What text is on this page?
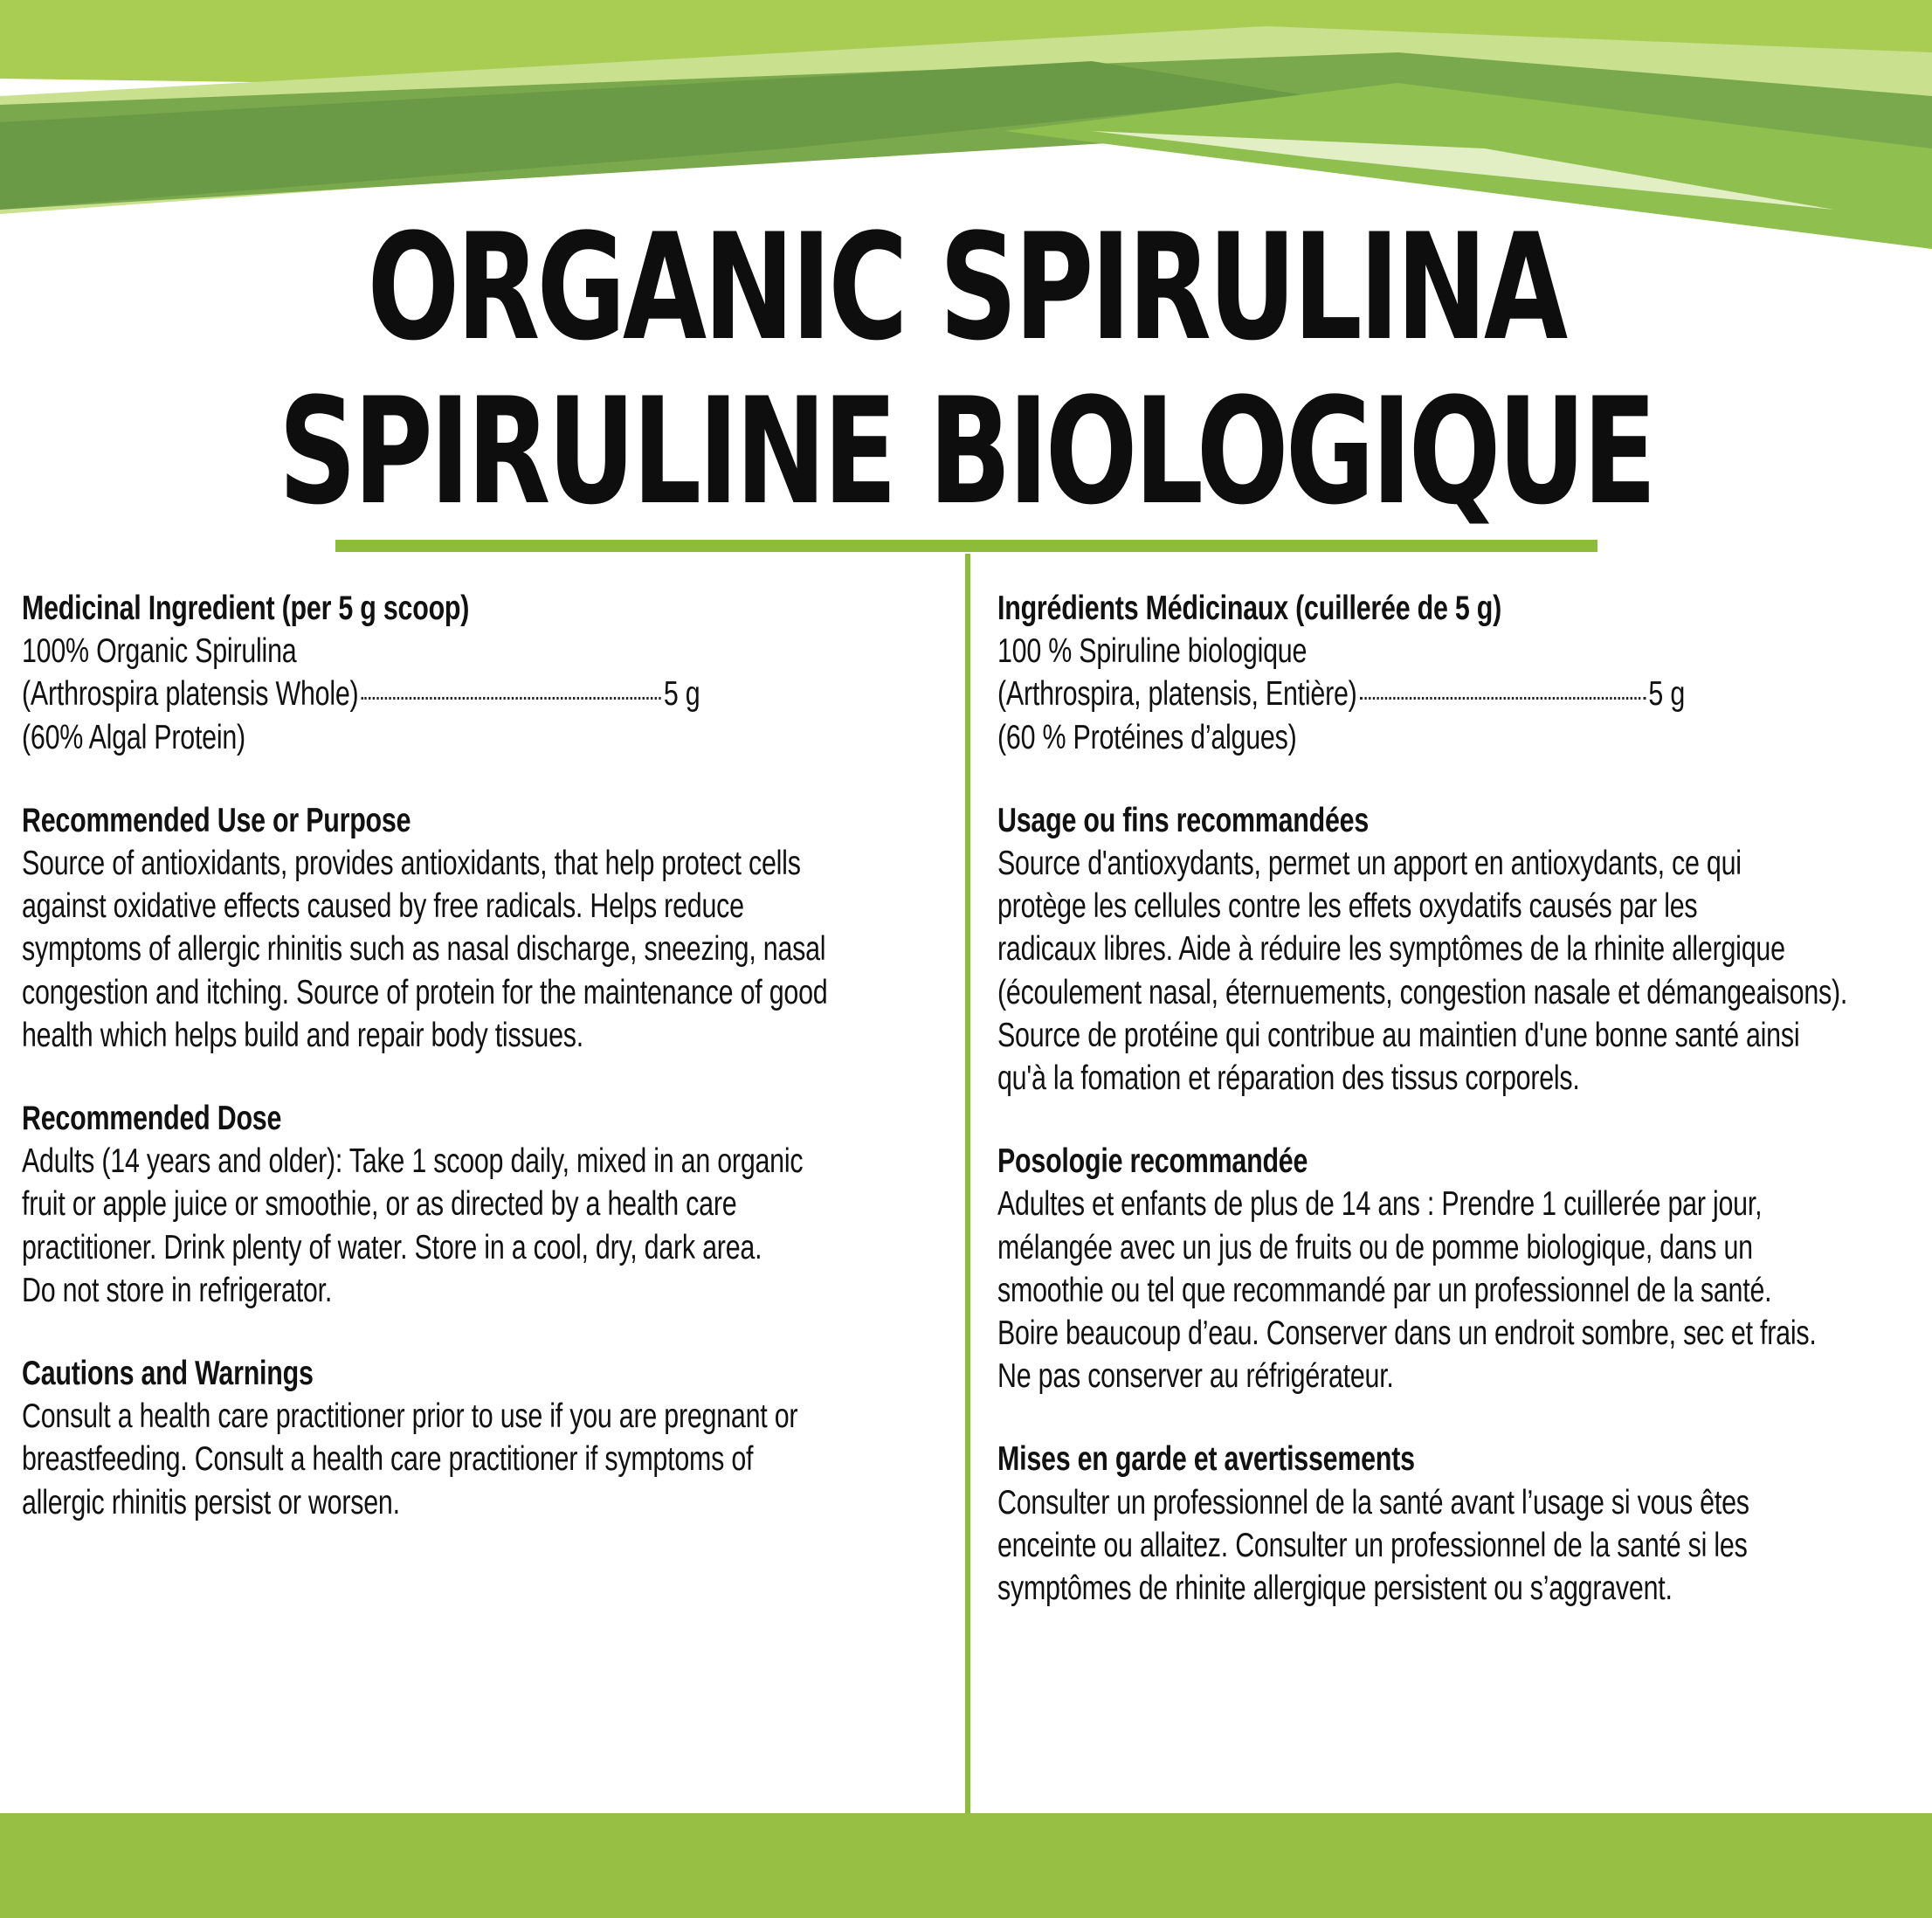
ORGANIC SPIRULINA
SPIRULINE BIOLOGIQUE

Medicinal Ingredient (per 5 g scoop)

100% Organic Spirulina

(Arthrospira platensis Whole)	5 g

(60% Algal Protein)

Recommended Use or Purpose

Source of antioxidants, provides antioxidants, that help protect cells

against oxidative effects caused by free radicals. Helps reduce

symptoms of allergic rhinitis such as nasal discharge, sneezing, nasal

congestion and itching. Source of protein for the maintenance of good

health which helps build and repair body tissues.

Recommended Dose

Adults (14 years and older): Take 1 scoop daily, mixed in an organic

fruit or apple juice or smoothie, or as directed by a health care

practitioner. Drink plenty of water. Store in a cool, dry, dark area.

Do not store in refrigerator.

Cautions and Warnings

Consult a health care practitioner prior to use if you are pregnant or

breastfeeding. Consult a health care practitioner if symptoms of

allergic rhinitis persist or worsen.

Ingrédients Médicinaux (cuillerée de 5 g)

100 % Spiruline biologique

(Arthrospira, platensis, Entière)	5 g

(60 % Protéines d’algues)

Usage ou fins recommandées

Source d'antioxydants, permet un apport en antioxydants, ce qui

protège les cellules contre les effets oxydatifs causés par les

radicaux libres. Aide à réduire les symptômes de la rhinite allergique

(écoulement nasal, éternuements, congestion nasale et démangeaisons).

Source de protéine qui contribue au maintien d'une bonne santé ainsi

qu'à la fomation et réparation des tissus corporels.

Posologie recommandée

Adultes et enfants de plus de 14 ans : Prendre 1 cuillerée par jour,

mélangée avec un jus de fruits ou de pomme biologique, dans un

smoothie ou tel que recommandé par un professionnel de la santé.

Boire beaucoup d’eau. Conserver dans un endroit sombre, sec et frais.

Ne pas conserver au réfrigérateur.

Mises en garde et avertissements

Consulter un professionnel de la santé avant l’usage si vous êtes

enceinte ou allaitez. Consulter un professionnel de la santé si les

symptômes de rhinite allergique persistent ou s’aggravent.
